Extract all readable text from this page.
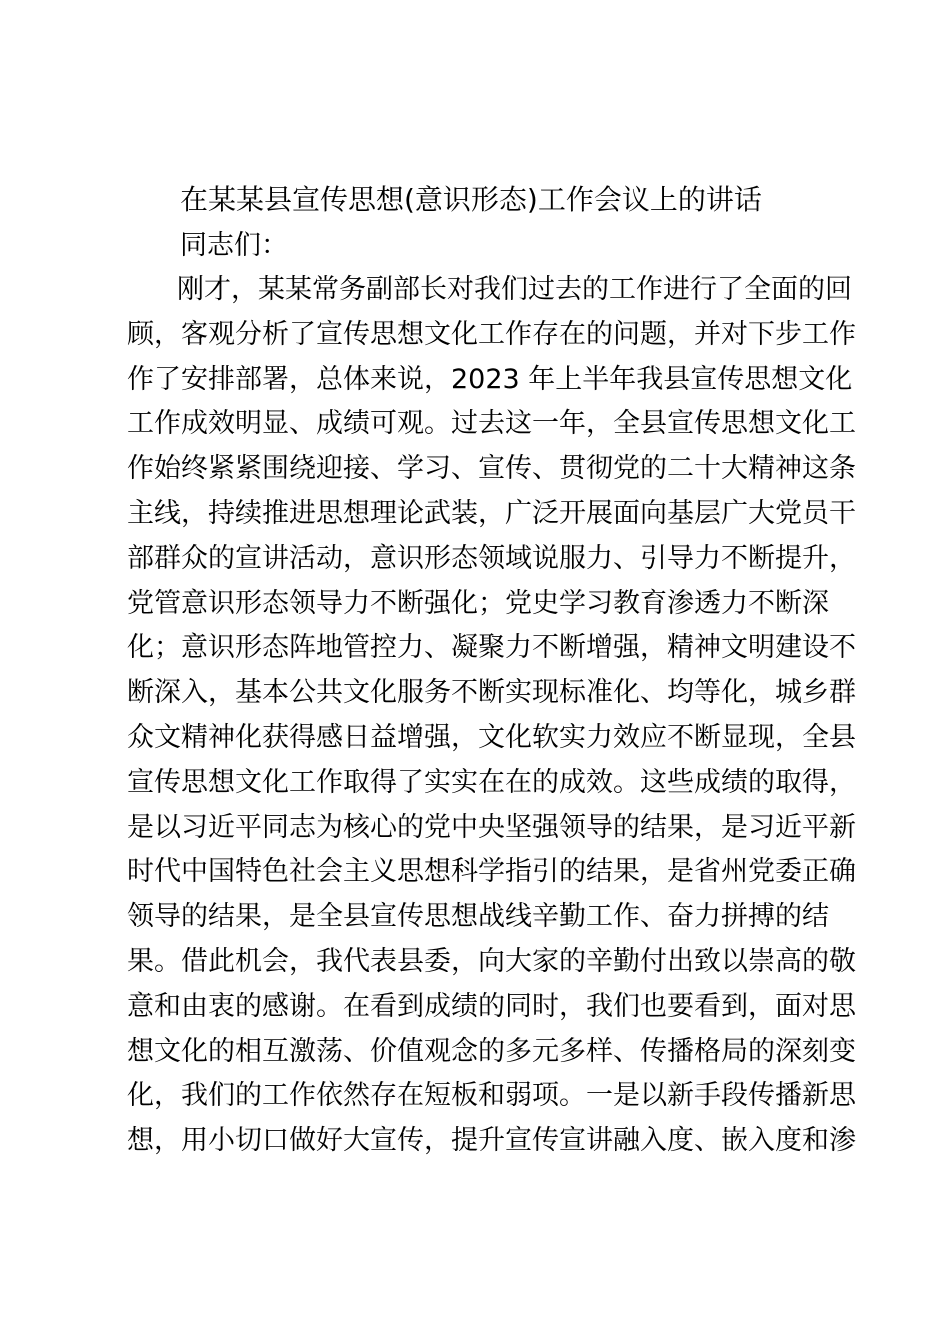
在某某县宣传思想(意识形态)工作会议上的讲话

同志们：

刚才，某某常务副部长对我们过去的工作进行了全面的回
顾，客观分析了宣传思想文化工作存在的问题，并对下步工作
作了安排部署，总体来说，2023 年上半年我县宣传思想文化
工作成效明显、成绩可观。过去这一年，全县宣传思想文化工
作始终紧紧围绕迎接、学习、宣传、贯彻党的二十大精神这条
主线，持续推进思想理论武装，广泛开展面向基层广大党员干
部群众的宣讲活动，意识形态领域说服力、引导力不断提升，
党管意识形态领导力不断强化；党史学习教育渗透力不断深
化；意识形态阵地管控力、凝聚力不断增强，精神文明建设不
断深入，基本公共文化服务不断实现标准化、均等化，城乡群
众文精神化获得感日益增强，文化软实力效应不断显现，全县
宣传思想文化工作取得了实实在在的成效。这些成绩的取得，
是以习近平同志为核心的党中央坚强领导的结果，是习近平新
时代中国特色社会主义思想科学指引的结果，是省州党委正确
领导的结果，是全县宣传思想战线辛勤工作、奋力拼搏的结
果。借此机会，我代表县委，向大家的辛勤付出致以崇高的敬
意和由衷的感谢。在看到成绩的同时，我们也要看到，面对思
想文化的相互激荡、价值观念的多元多样、传播格局的深刻变
化，我们的工作依然存在短板和弱项。一是以新手段传播新思
想，用小切口做好大宣传，提升宣传宣讲融入度、嵌入度和渗
